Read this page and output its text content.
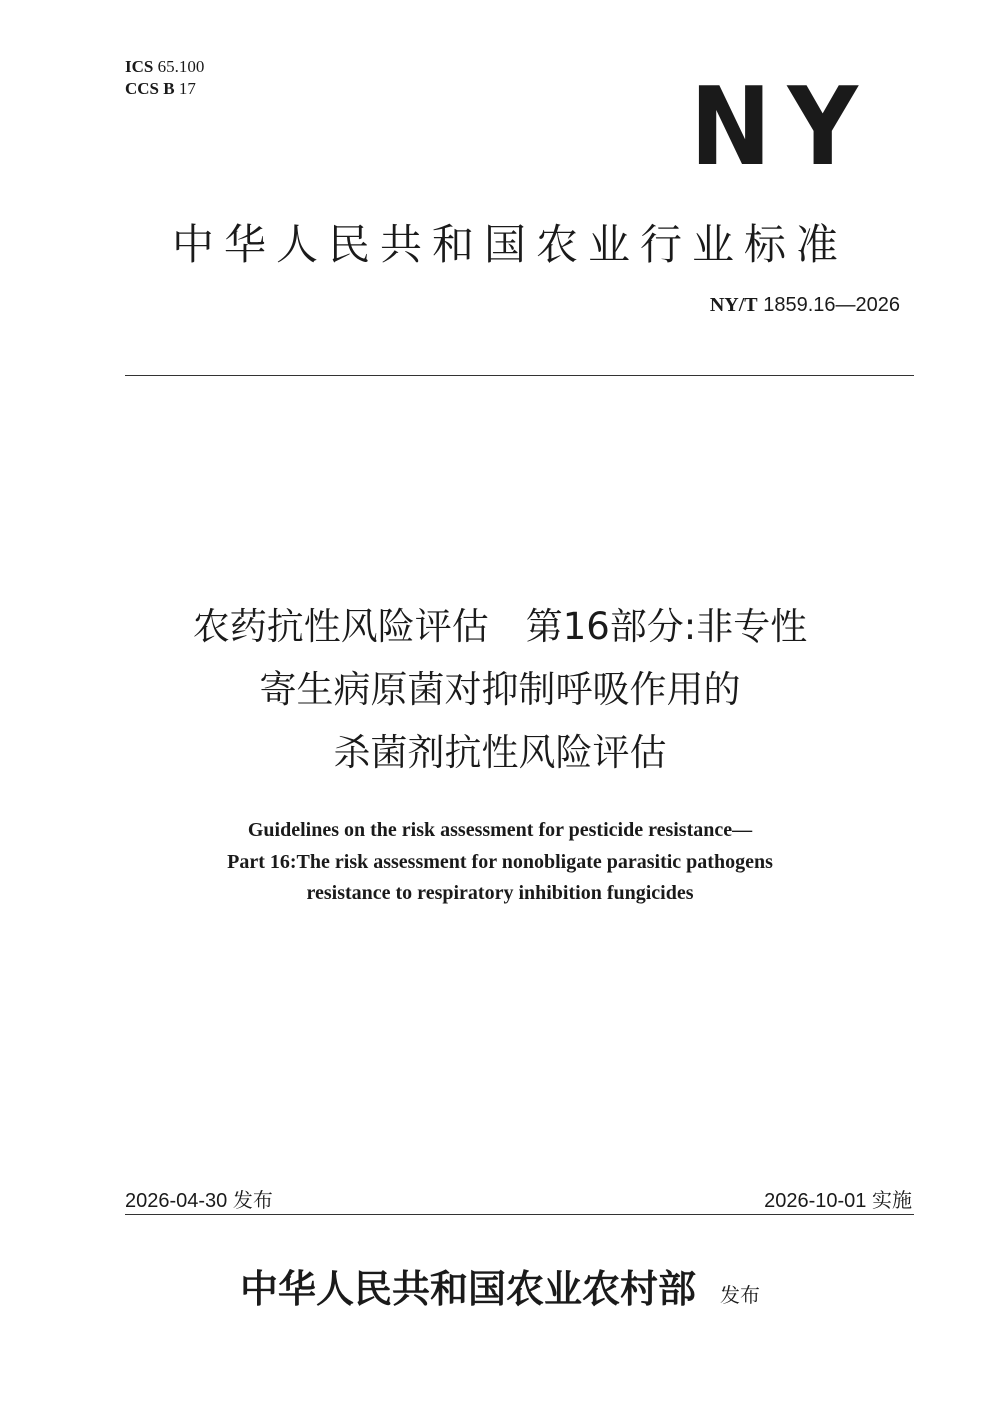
ICS 65.100
CCS B 17	NY
中华人民共和国农业行业标准
NY/T 1859.16—2026
农药抗性风险评估　第16部分:非专性
寄生病原菌对抑制呼吸作用的
杀菌剂抗性风险评估
Guidelines on the risk assessment for pesticide resistance—
Part 16:The risk assessment for nonobligate parasitic pathogens
resistance to respiratory inhibition fungicides
2026-04-30 发布	2026-10-01 实施
中华人民共和国农业农村部 发布
